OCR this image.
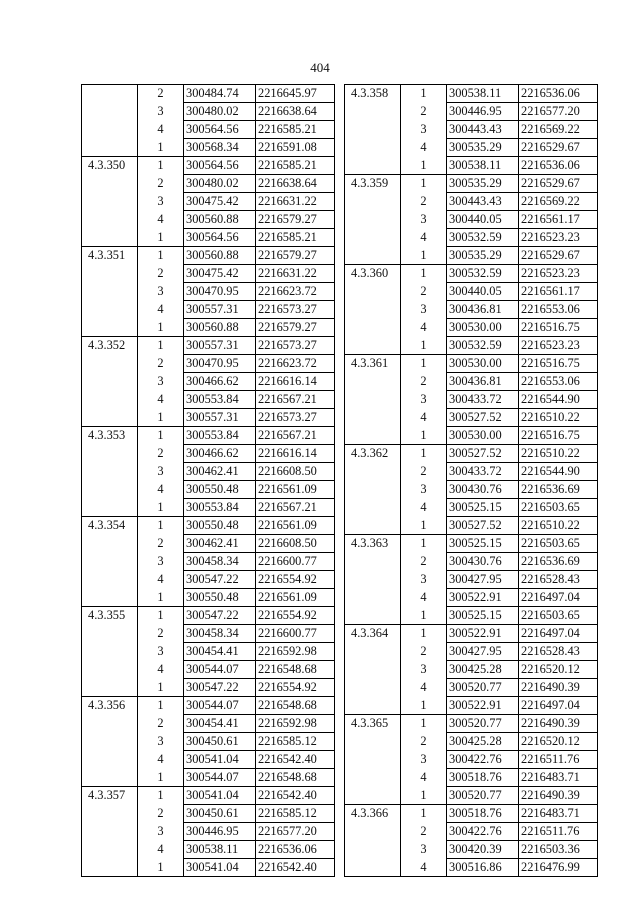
404
	2	300484.74	2216645.97
	3	300480.02	2216638.64
	4	300564.56	2216585.21
	1	300568.34	2216591.08
4.3.350	1	300564.56	2216585.21
	2	300480.02	2216638.64
	3	300475.42	2216631.22
	4	300560.88	2216579.27
	1	300564.56	2216585.21
4.3.351	1	300560.88	2216579.27
	2	300475.42	2216631.22
	3	300470.95	2216623.72
	4	300557.31	2216573.27
	1	300560.88	2216579.27
4.3.352	1	300557.31	2216573.27
	2	300470.95	2216623.72
	3	300466.62	2216616.14
	4	300553.84	2216567.21
	1	300557.31	2216573.27
4.3.353	1	300553.84	2216567.21
	2	300466.62	2216616.14
	3	300462.41	2216608.50
	4	300550.48	2216561.09
	1	300553.84	2216567.21
4.3.354	1	300550.48	2216561.09
	2	300462.41	2216608.50
	3	300458.34	2216600.77
	4	300547.22	2216554.92
	1	300550.48	2216561.09
4.3.355	1	300547.22	2216554.92
	2	300458.34	2216600.77
	3	300454.41	2216592.98
	4	300544.07	2216548.68
	1	300547.22	2216554.92
4.3.356	1	300544.07	2216548.68
	2	300454.41	2216592.98
	3	300450.61	2216585.12
	4	300541.04	2216542.40
	1	300544.07	2216548.68
4.3.357	1	300541.04	2216542.40
	2	300450.61	2216585.12
	3	300446.95	2216577.20
	4	300538.11	2216536.06
	1	300541.04	2216542.40
4.3.358	1	300538.11	2216536.06
	2	300446.95	2216577.20
	3	300443.43	2216569.22
	4	300535.29	2216529.67
	1	300538.11	2216536.06
4.3.359	1	300535.29	2216529.67
	2	300443.43	2216569.22
	3	300440.05	2216561.17
	4	300532.59	2216523.23
	1	300535.29	2216529.67
4.3.360	1	300532.59	2216523.23
	2	300440.05	2216561.17
	3	300436.81	2216553.06
	4	300530.00	2216516.75
	1	300532.59	2216523.23
4.3.361	1	300530.00	2216516.75
	2	300436.81	2216553.06
	3	300433.72	2216544.90
	4	300527.52	2216510.22
	1	300530.00	2216516.75
4.3.362	1	300527.52	2216510.22
	2	300433.72	2216544.90
	3	300430.76	2216536.69
	4	300525.15	2216503.65
	1	300527.52	2216510.22
4.3.363	1	300525.15	2216503.65
	2	300430.76	2216536.69
	3	300427.95	2216528.43
	4	300522.91	2216497.04
	1	300525.15	2216503.65
4.3.364	1	300522.91	2216497.04
	2	300427.95	2216528.43
	3	300425.28	2216520.12
	4	300520.77	2216490.39
	1	300522.91	2216497.04
4.3.365	1	300520.77	2216490.39
	2	300425.28	2216520.12
	3	300422.76	2216511.76
	4	300518.76	2216483.71
	1	300520.77	2216490.39
4.3.366	1	300518.76	2216483.71
	2	300422.76	2216511.76
	3	300420.39	2216503.36
	4	300516.86	2216476.99
